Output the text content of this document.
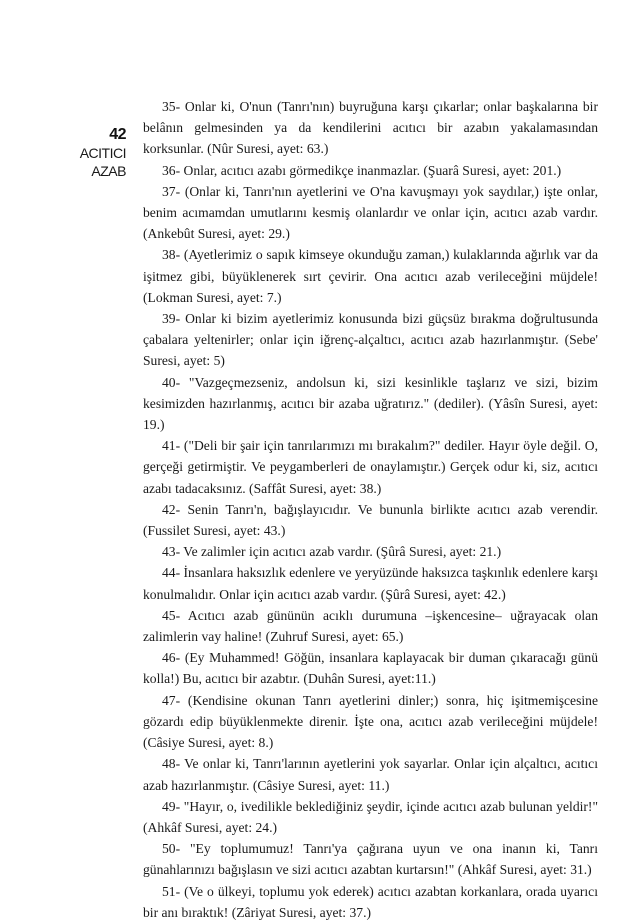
42
ACITICI
AZAB

35- Onlar ki, O'nun (Tanrı'nın) buyruğuna karşı çıkarlar; onlar başkalarına bir belânın gelmesinden ya da kendilerini acıtıcı bir azabın yakalamasından korksunlar. (Nûr Suresi, ayet: 63.)

36- Onlar, acıtıcı azabı görmedikçe inanmazlar. (Şuarâ Suresi, ayet: 201.)

37- (Onlar ki, Tanrı'nın ayetlerini ve O'na kavuşmayı yok saydılar,) işte onlar, benim acımamdan umutlarını kesmiş olanlardır ve onlar için, acıtıcı azab vardır. (Ankebût Suresi, ayet: 29.)

38- (Ayetlerimiz o sapık kimseye okunduğu zaman,) kulaklarında ağırlık var da işitmez gibi, büyüklenerek sırt çevirir. Ona acıtıcı azab verileceğini müjdele! (Lokman Suresi, ayet: 7.)

39- Onlar ki bizim ayetlerimiz konusunda bizi güçsüz bırakma doğrultusunda çabalara yeltenirler; onlar için iğrenç-alçaltıcı, acıtıcı azab hazırlanmıştır. (Sebe' Suresi, ayet: 5)

40- "Vazgeçmezseniz, andolsun ki, sizi kesinlikle taşlarız ve sizi, bizim kesimizden hazırlanmış, acıtıcı bir azaba uğratırız." (dediler). (Yâsîn Suresi, ayet: 19.)

41- ("Deli bir şair için tanrılarımızı mı bırakalım?" dediler. Hayır öyle değil. O, gerçeği getirmiştir. Ve peygamberleri de onaylamıştır.) Gerçek odur ki, siz, acıtıcı azabı tadacaksınız. (Saffât Suresi, ayet: 38.)

42- Senin Tanrı'n, bağışlayıcıdır. Ve bununla birlikte acıtıcı azab verendir. (Fussilet Suresi, ayet: 43.)

43- Ve zalimler için acıtıcı azab vardır. (Şûrâ Suresi, ayet: 21.)

44- İnsanlara haksızlık edenlere ve yeryüzünde haksızca taşkınlık edenlere karşı konulmalıdır. Onlar için acıtıcı azab vardır. (Şûrâ Suresi, ayet: 42.)

45- Acıtıcı azab gününün acıklı durumuna –işkencesine– uğrayacak olan zalimlerin vay haline! (Zuhruf Suresi, ayet: 65.)

46- (Ey Muhammed! Göğün, insanlara kaplayacak bir duman çıkaracağı günü kolla!) Bu, acıtıcı bir azabtır. (Duhân Suresi, ayet:11.)

47- (Kendisine okunan Tanrı ayetlerini dinler;) sonra, hiç işitmemişcesine gözardı edip büyüklenmekte direnir. İşte ona, acıtıcı azab verileceğini müjdele! (Câsiye Suresi, ayet: 8.)

48- Ve onlar ki, Tanrı'larının ayetlerini yok sayarlar. Onlar için alçaltıcı, acıtıcı azab hazırlanmıştır. (Câsiye Suresi, ayet: 11.)

49- "Hayır, o, ivedilikle beklediğiniz şeydir, içinde acıtıcı azab bulunan yeldir!" (Ahkâf Suresi, ayet: 24.)

50- "Ey toplumumuz! Tanrı'ya çağırana uyun ve ona inanın ki, Tanrı günahlarınızı bağışlasın ve sizi acıtıcı azabtan kurtarsın!" (Ahkâf Suresi, ayet: 31.)

51- (Ve o ülkeyi, toplumu yok ederek) acıtıcı azabtan korkanlara, orada uyarıcı bir anı bıraktık! (Zâriyat Suresi, ayet: 37.)
